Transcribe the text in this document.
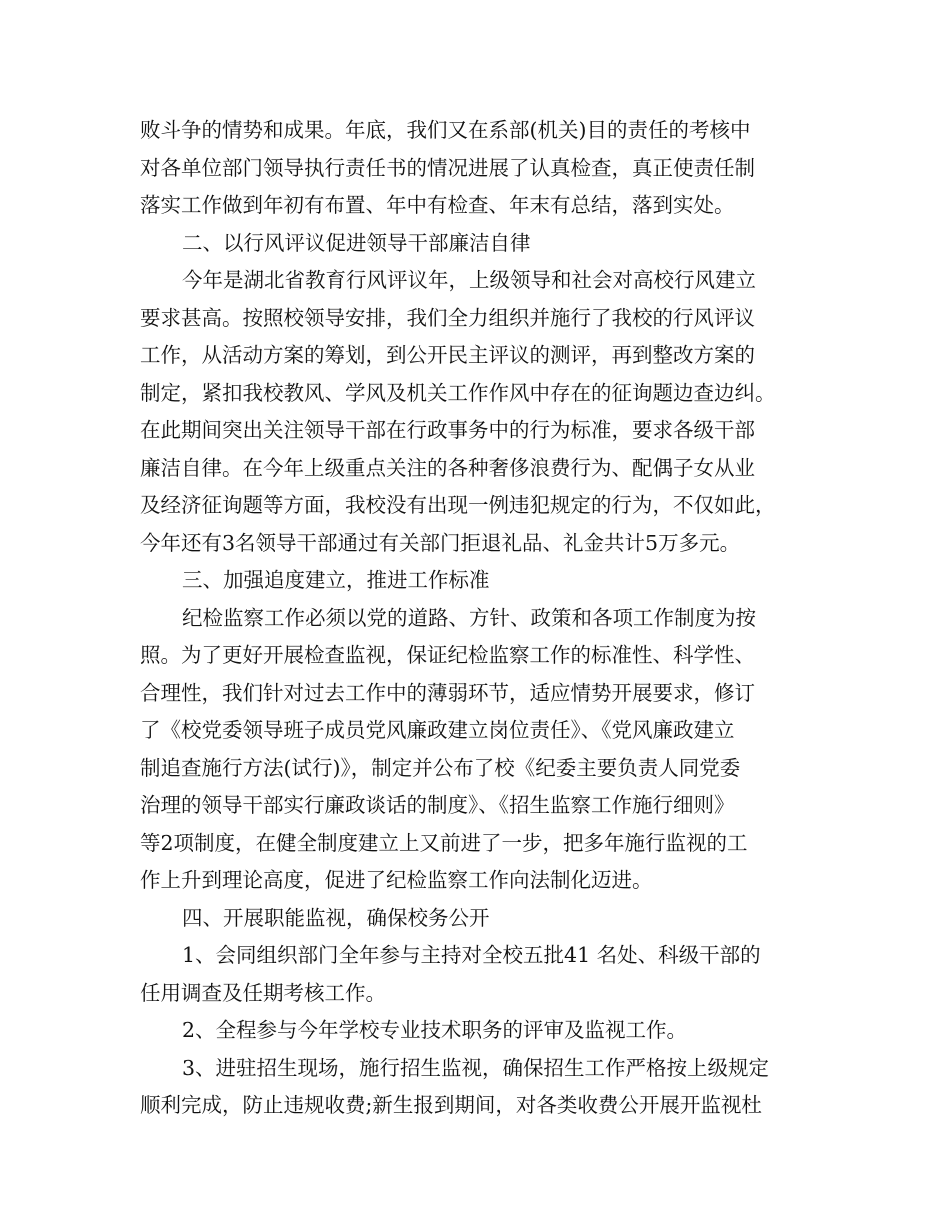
败斗争的情势和成果。年底，我们又在系部(机关)目的责任的考核中
对各单位部门领导执行责任书的情况进展了认真检查，真正使责任制
落实工作做到年初有布置、年中有检查、年末有总结，落到实处。
二、以行风评议促进领导干部廉洁自律
今年是湖北省教育行风评议年，上级领导和社会对高校行风建立
要求甚高。按照校领导安排，我们全力组织并施行了我校的行风评议
工作，从活动方案的筹划，到公开民主评议的测评，再到整改方案的
制定，紧扣我校教风、学风及机关工作作风中存在的征询题边查边纠。
在此期间突出关注领导干部在行政事务中的行为标准，要求各级干部
廉洁自律。在今年上级重点关注的各种奢侈浪费行为、配偶子女从业
及经济征询题等方面，我校没有出现一例违犯规定的行为，不仅如此，
今年还有3名领导干部通过有关部门拒退礼品、礼金共计5万多元。
三、加强追度建立，推进工作标准
纪检监察工作必须以党的道路、方针、政策和各项工作制度为按
照。为了更好开展检查监视，保证纪检监察工作的标准性、科学性、
合理性，我们针对过去工作中的薄弱环节，适应情势开展要求，修订
了《校党委领导班子成员党风廉政建立岗位责任》、《党风廉政建立
制追查施行方法(试行)》，制定并公布了校《纪委主要负责人同党委
治理的领导干部实行廉政谈话的制度》、《招生监察工作施行细则》
等2项制度，在健全制度建立上又前进了一步，把多年施行监视的工
作上升到理论高度，促进了纪检监察工作向法制化迈进。
四、开展职能监视，确保校务公开
1、会同组织部门全年参与主持对全校五批41 名处、科级干部的
任用调查及任期考核工作。
2、全程参与今年学校专业技术职务的评审及监视工作。
3、进驻招生现场，施行招生监视，确保招生工作严格按上级规定
顺利完成，防止违规收费;新生报到期间，对各类收费公开展开监视杜
